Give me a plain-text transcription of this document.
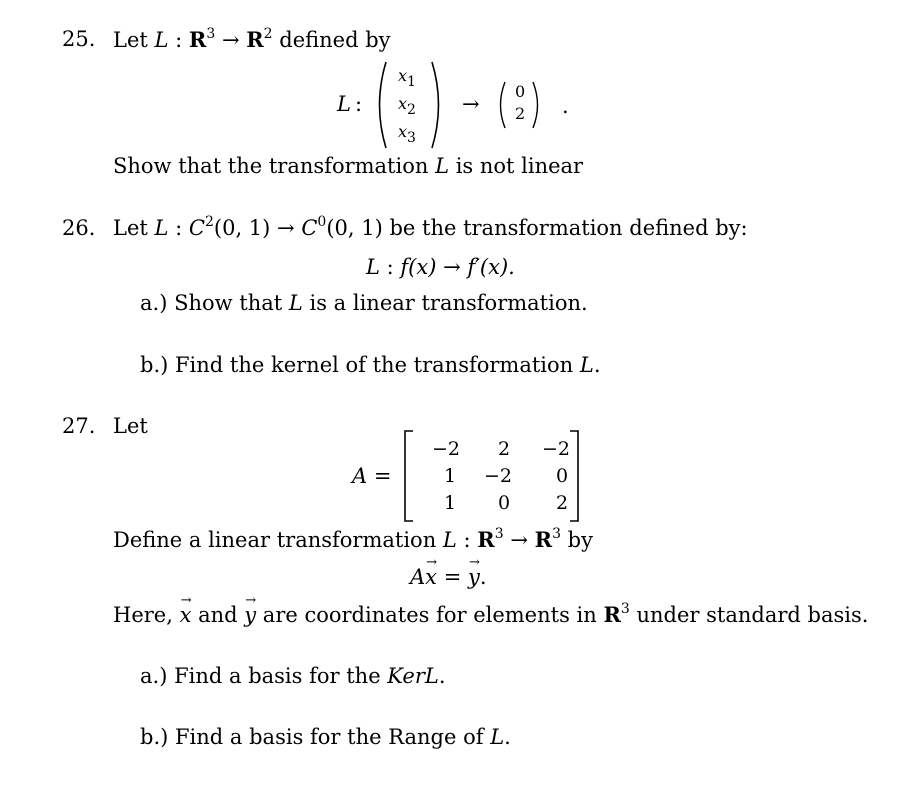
25. Let L : $R^3 \to R^2$ defined by
L :
$x_1$
$x_2$
$x_3$
→
0
2 .
Show that the transformation L is not linear
26. Let L : $C^2(0$, $1) \to C^0(0$, 1) be the transformation defined by:
L : f(x) → f′(x).
a.) Show that L is a linear transformation.
b.) Find the kernel of the transformation L.
27. Let
A =
−2	2	−2
1	−2	0
1	0	2
Define a linear transformation L : $R^3 \to R^3$ by
A→ x = → y.
Here, → x and → y are coordinates for elements in $R^3$ under standard basis.
a.) Find a basis for the KerL.
b.) Find a basis for the Range of L.
